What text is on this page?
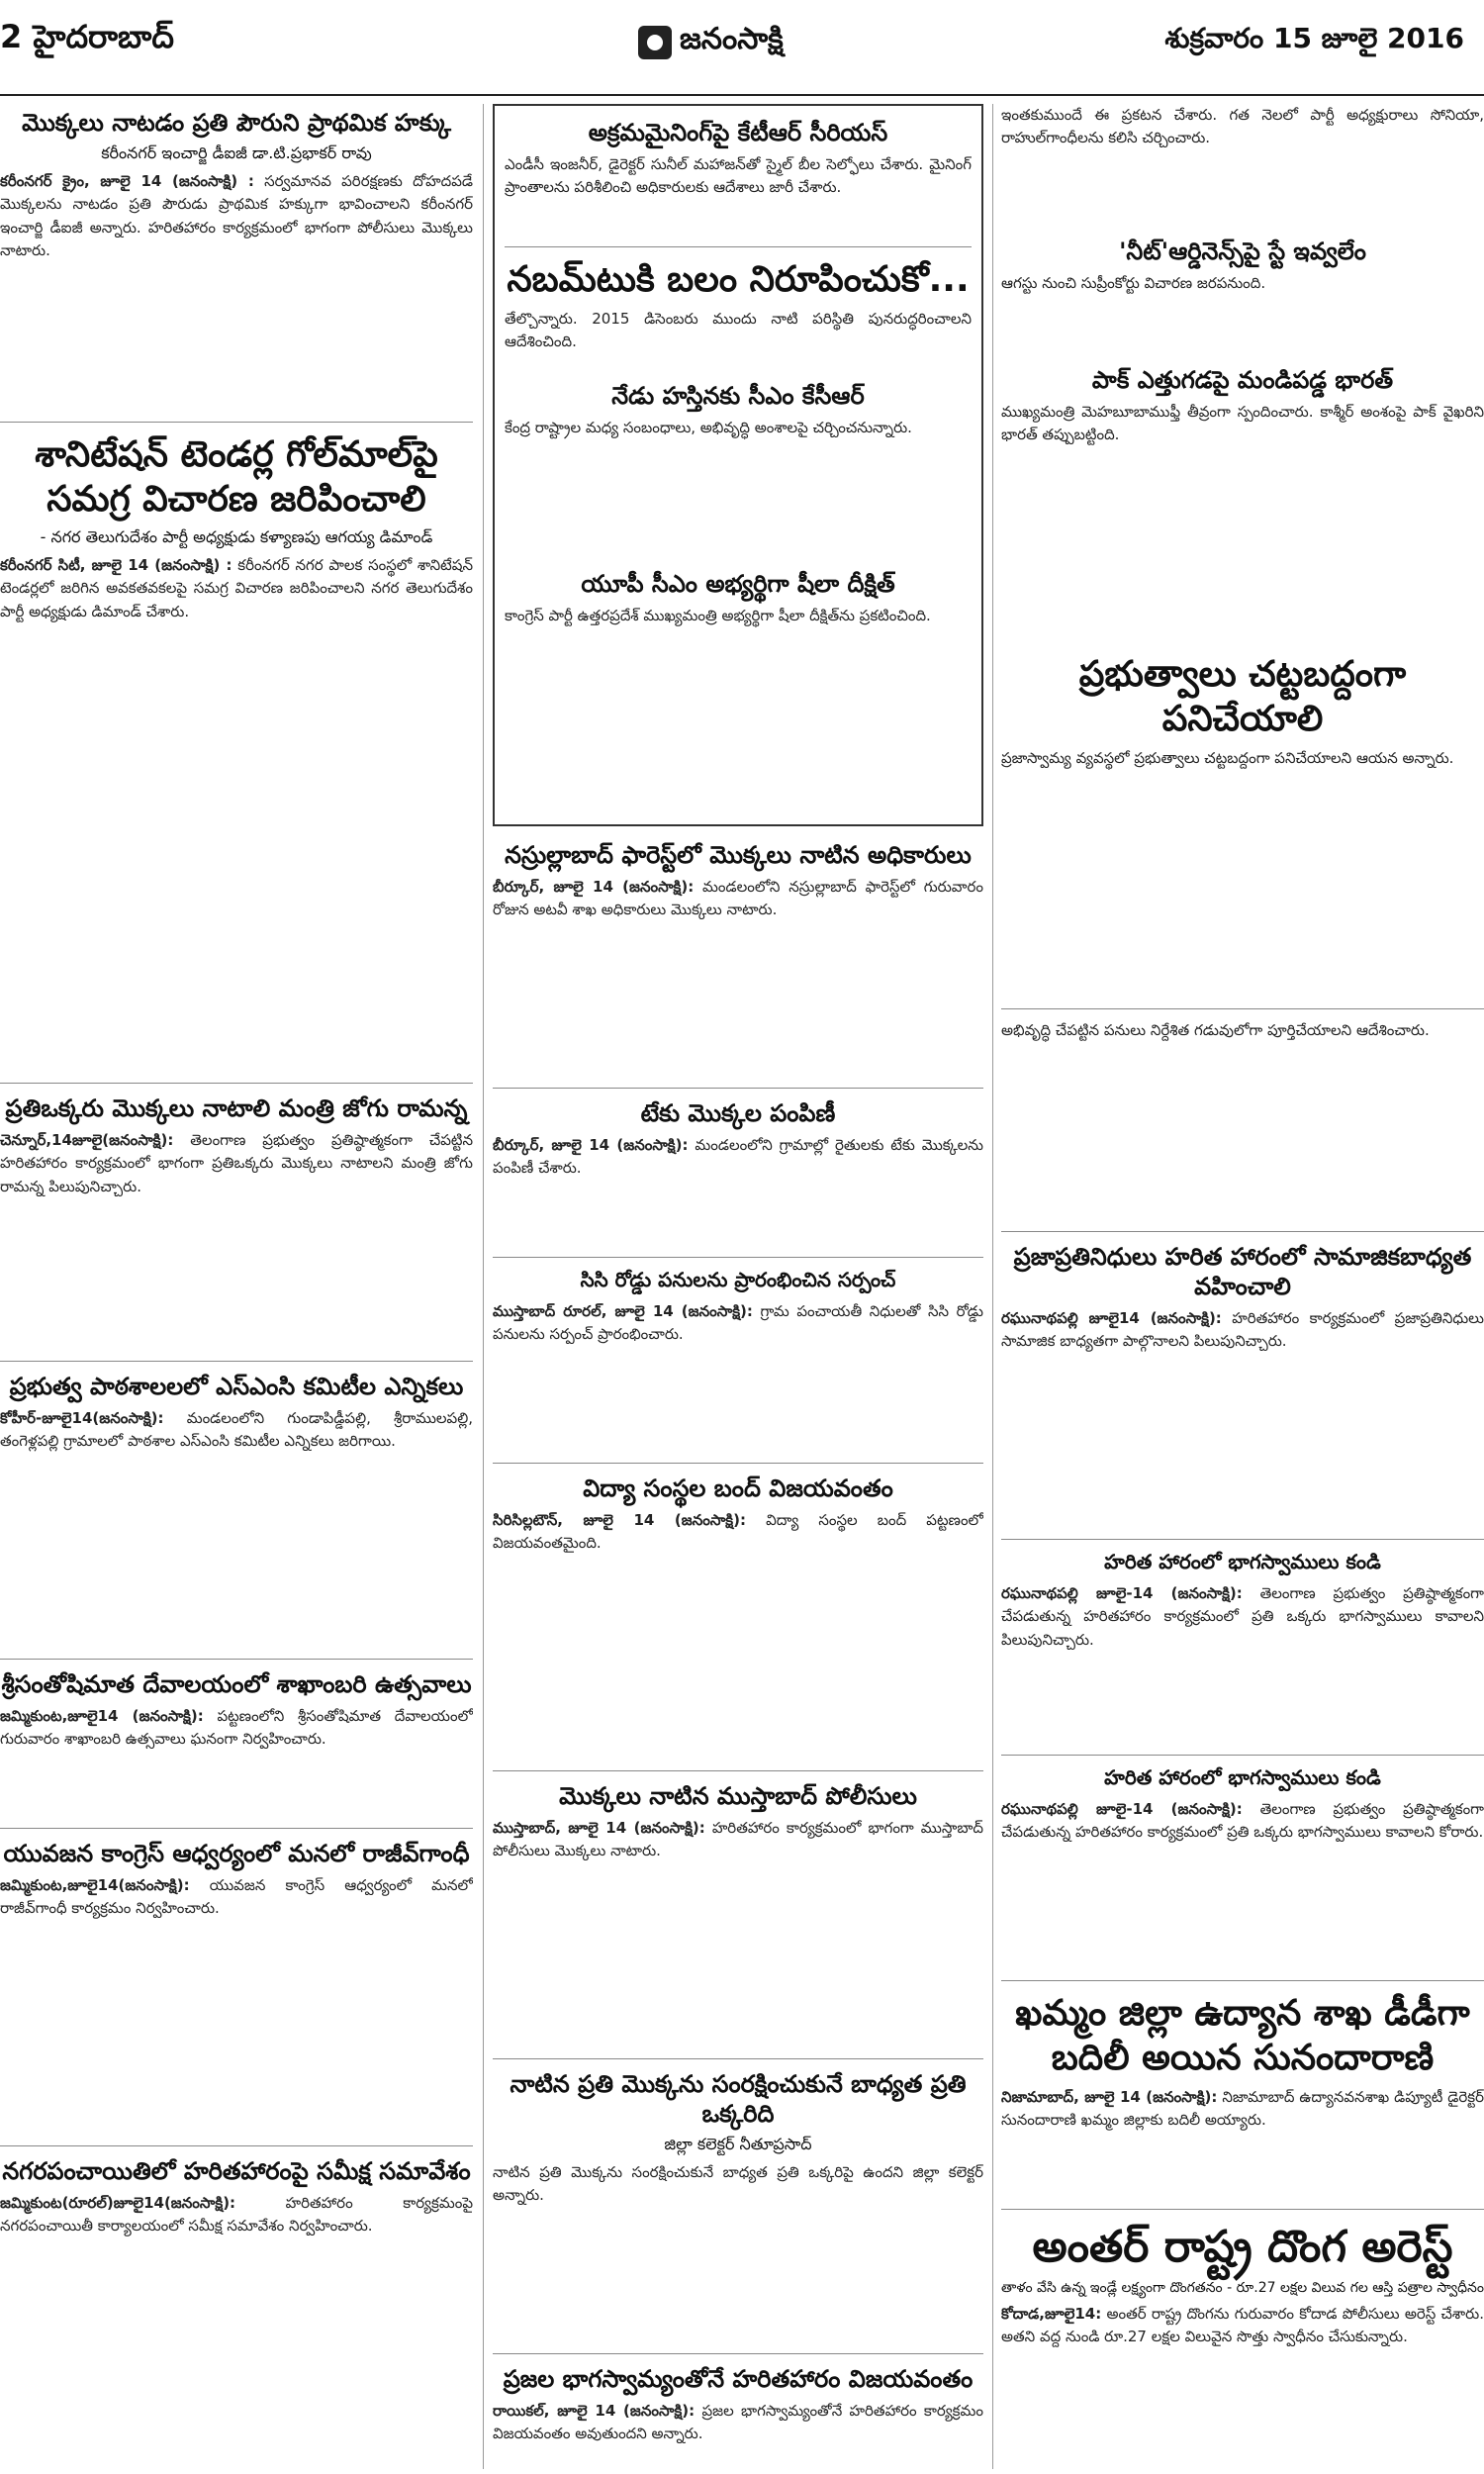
2 హైదరాబాద్	జనంసాక్షి	శుక్రవారం 15 జూలై 2016
మొక్కలు నాటడం ప్రతి పౌరుని ప్రాథమిక హక్కు
కరీంనగర్ ఇంచార్జి డీఐజీ డా.టి.ప్రభాకర్ రావు
కరీంనగర్ క్రైం, జూలై 14 (జనంసాక్షి) : సర్వమానవ పరిరక్షణకు దోహదపడే మొక్కలను నాటడం ప్రతి పౌరుడు ప్రాథమిక హక్కుగా భావించాలని కరీంనగర్ ఇంచార్జి డీఐజీ అన్నారు. హరితహారం కార్యక్రమంలో భాగంగా పోలీసులు మొక్కలు నాటారు.
శానిటేషన్ టెండర్ల గోల్‌మాల్‌పై సమగ్ర విచారణ జరిపించాలి
- నగర తెలుగుదేశం పార్టీ అధ్యక్షుడు కళ్యాణపు ఆగయ్య డిమాండ్
కరీంనగర్ సిటీ, జూలై 14 (జనంసాక్షి) : కరీంనగర్ నగర పాలక సంస్థలో శానిటేషన్ టెండర్లలో జరిగిన అవకతవకలపై సమగ్ర విచారణ జరిపించాలని నగర తెలుగుదేశం పార్టీ అధ్యక్షుడు డిమాండ్ చేశారు.
ప్రతిఒక్కరు మొక్కలు నాటాలి మంత్రి జోగు రామన్న
చెన్నూర్,14జూలై(జనంసాక్షి): తెలంగాణ ప్రభుత్వం ప్రతిష్ఠాత్మకంగా చేపట్టిన హరితహారం కార్యక్రమంలో భాగంగా ప్రతిఒక్కరు మొక్కలు నాటాలని మంత్రి జోగు రామన్న పిలుపునిచ్చారు.
ప్రభుత్వ పాఠశాలలలో ఎస్ఎంసి కమిటీల ఎన్నికలు
కోహీర్-జూలై14(జనంసాక్షి): మండలంలోని గుండాపిడ్డీపల్లి, శ్రీరాములపల్లి, తంగెళ్లపల్లి గ్రామాలలో పాఠశాల ఎస్ఎంసి కమిటీల ఎన్నికలు జరిగాయి.
శ్రీసంతోషిమాత దేవాలయంలో శాఖాంబరి ఉత్సవాలు
జమ్మికుంట,జూలై14 (జనంసాక్షి): పట్టణంలోని శ్రీసంతోషిమాత దేవాలయంలో గురువారం శాఖాంబరి ఉత్సవాలు ఘనంగా నిర్వహించారు.
యువజన కాంగ్రెస్ ఆధ్వర్యంలో మనలో రాజీవ్‌గాంధీ
జమ్మికుంట,జూలై14(జనంసాక్షి): యువజన కాంగ్రెస్ ఆధ్వర్యంలో మనలో రాజీవ్‌గాంధీ కార్యక్రమం నిర్వహించారు.
నగరపంచాయితిలో హరితహారంపై సమీక్ష సమావేశం
జమ్మికుంట(రూరల్)జూలై14(జనంసాక్షి):	హరితహారం కార్యక్రమంపై నగరపంచాయితీ కార్యాలయంలో సమీక్ష సమావేశం నిర్వహించారు.
అక్రమమైనింగ్‌పై కేటీఆర్ సీరియస్
ఎండీసీ ఇంజనీర్, డైరెక్టర్ సునీల్ మహాజన్‌తో స్మైల్ బీల సెల్ఫోలు చేశారు. మైనింగ్ ప్రాంతాలను పరిశీలించి అధికారులకు ఆదేశాలు జారీ చేశారు.
నబమ్‌టుకి బలం నిరూపించుకో...
తేల్చొన్నారు. 2015 డిసెంబరు ముందు నాటి పరిస్థితి పునరుద్ధరించాలని ఆదేశించింది.
నేడు హస్తినకు సీఎం కేసీఆర్
కేంద్ర రాష్ట్రాల మధ్య సంబంధాలు, అభివృద్ధి అంశాలపై చర్చించనున్నారు.
యూపీ సీఎం అభ్యర్థిగా షీలా దీక్షిత్
కాంగ్రెస్ పార్టీ ఉత్తరప్రదేశ్ ముఖ్యమంత్రి అభ్యర్థిగా షీలా దీక్షిత్‌ను ప్రకటించింది.
నస్రుల్లాబాద్ ఫారెస్ట్‌లో మొక్కలు నాటిన అధికారులు
బీర్కూర్, జూలై 14 (జనంసాక్షి): మండలంలోని నస్రుల్లాబాద్ ఫారెస్ట్‌లో గురువారం రోజున అటవీ శాఖ అధికారులు మొక్కలు నాటారు.
టేకు మొక్కల పంపిణీ
బీర్కూర్, జూలై 14 (జనంసాక్షి): మండలంలోని గ్రామాల్లో రైతులకు టేకు మొక్కలను పంపిణీ చేశారు.
సిసి రోడ్డు పనులను ప్రారంభించిన సర్పంచ్
ముస్తాబాద్ రూరల్, జూలై 14 (జనంసాక్షి): గ్రామ పంచాయతీ నిధులతో సిసి రోడ్డు పనులను సర్పంచ్ ప్రారంభించారు.
విద్యా సంస్థల బంద్ విజయవంతం
సిరిసిల్లటౌన్, జూలై 14 (జనంసాక్షి): విద్యా సంస్థల బంద్ పట్టణంలో విజయవంతమైంది.
మొక్కలు నాటిన ముస్తాబాద్ పోలీసులు
ముస్తాబాద్, జూలై 14 (జనంసాక్షి): హరితహారం కార్యక్రమంలో భాగంగా ముస్తాబాద్ పోలీసులు మొక్కలు నాటారు.
నాటిన ప్రతి మొక్కను సంరక్షించుకునే బాధ్యత ప్రతి ఒక్కరిది
జిల్లా కలెక్టర్ నీతూప్రసాద్
నాటిన ప్రతి మొక్కను సంరక్షించుకునే బాధ్యత ప్రతి ఒక్కరిపై ఉందని జిల్లా కలెక్టర్ అన్నారు.
ప్రజల భాగస్వామ్యంతోనే హరితహారం విజయవంతం
రాయికల్, జూలై 14 (జనంసాక్షి): ప్రజల భాగస్వామ్యంతోనే హరితహారం కార్యక్రమం విజయవంతం అవుతుందని అన్నారు.
ఇంతకుముందే ఈ ప్రకటన చేశారు. గత నెలలో పార్టీ అధ్యక్షురాలు సోనియా, రాహుల్‌గాంధీలను కలిసి చర్చించారు.
'నీట్'ఆర్డినెన్స్‌పై స్టే ఇవ్వలేం
ఆగస్టు నుంచి సుప్రీంకోర్టు విచారణ జరపనుంది.
పాక్ ఎత్తుగడపై మండిపడ్డ భారత్
ముఖ్యమంత్రి మెహబూబాముఫ్తీ తీవ్రంగా స్పందించారు. కాశ్మీర్ అంశంపై పాక్ వైఖరిని భారత్ తప్పుబట్టింది.
ప్రభుత్వాలు చట్టబద్దంగా పనిచేయాలి
ప్రజాస్వామ్య వ్యవస్థలో ప్రభుత్వాలు చట్టబద్దంగా పనిచేయాలని ఆయన అన్నారు.
అభివృద్ధి చేపట్టిన పనులు నిర్దేశిత గడువులోగా పూర్తిచేయాలని ఆదేశించారు.
ప్రజాప్రతినిధులు హరిత హారంలో సామాజికబాధ్యత వహించాలి
రఘునాథపల్లి జూలై14 (జనంసాక్షి): హరితహారం కార్యక్రమంలో ప్రజాప్రతినిధులు సామాజిక బాధ్యతగా పాల్గొనాలని పిలుపునిచ్చారు.
హరిత హారంలో భాగస్వాములు కండి
రఘునాథపల్లి జూలై-14 (జనంసాక్షి): తెలంగాణ ప్రభుత్వం ప్రతిష్ఠాత్మకంగా చేపడుతున్న హరితహారం కార్యక్రమంలో ప్రతి ఒక్కరు భాగస్వాములు కావాలని పిలుపునిచ్చారు.
హరిత హారంలో భాగస్వాములు కండి
రఘునాథపల్లి జూలై-14 (జనంసాక్షి): తెలంగాణ ప్రభుత్వం ప్రతిష్ఠాత్మకంగా చేపడుతున్న హరితహారం కార్యక్రమంలో ప్రతి ఒక్కరు భాగస్వాములు కావాలని కోరారు.
ఖమ్మం జిల్లా ఉద్యాన శాఖ డీడీగా బదిలీ అయిన సునందారాణి
నిజామాబాద్, జూలై 14 (జనంసాక్షి): నిజామాబాద్ ఉద్యానవనశాఖ డిప్యూటీ డైరెక్టర్ సునందారాణి ఖమ్మం జిల్లాకు బదిలీ అయ్యారు.
అంతర్ రాష్ట్ర దొంగ అరెస్ట్
తాళం వేసి ఉన్న ఇండ్లే లక్ష్యంగా దొంగతనం - రూ.27 లక్షల విలువ గల ఆస్తి పత్రాల స్వాధీనం
కోదాడ,జూలై14: అంతర్ రాష్ట్ర దొంగను గురువారం కోదాడ పోలీసులు అరెస్ట్ చేశారు. అతని వద్ద నుండి రూ.27 లక్షల విలువైన సొత్తు స్వాధీనం చేసుకున్నారు.
